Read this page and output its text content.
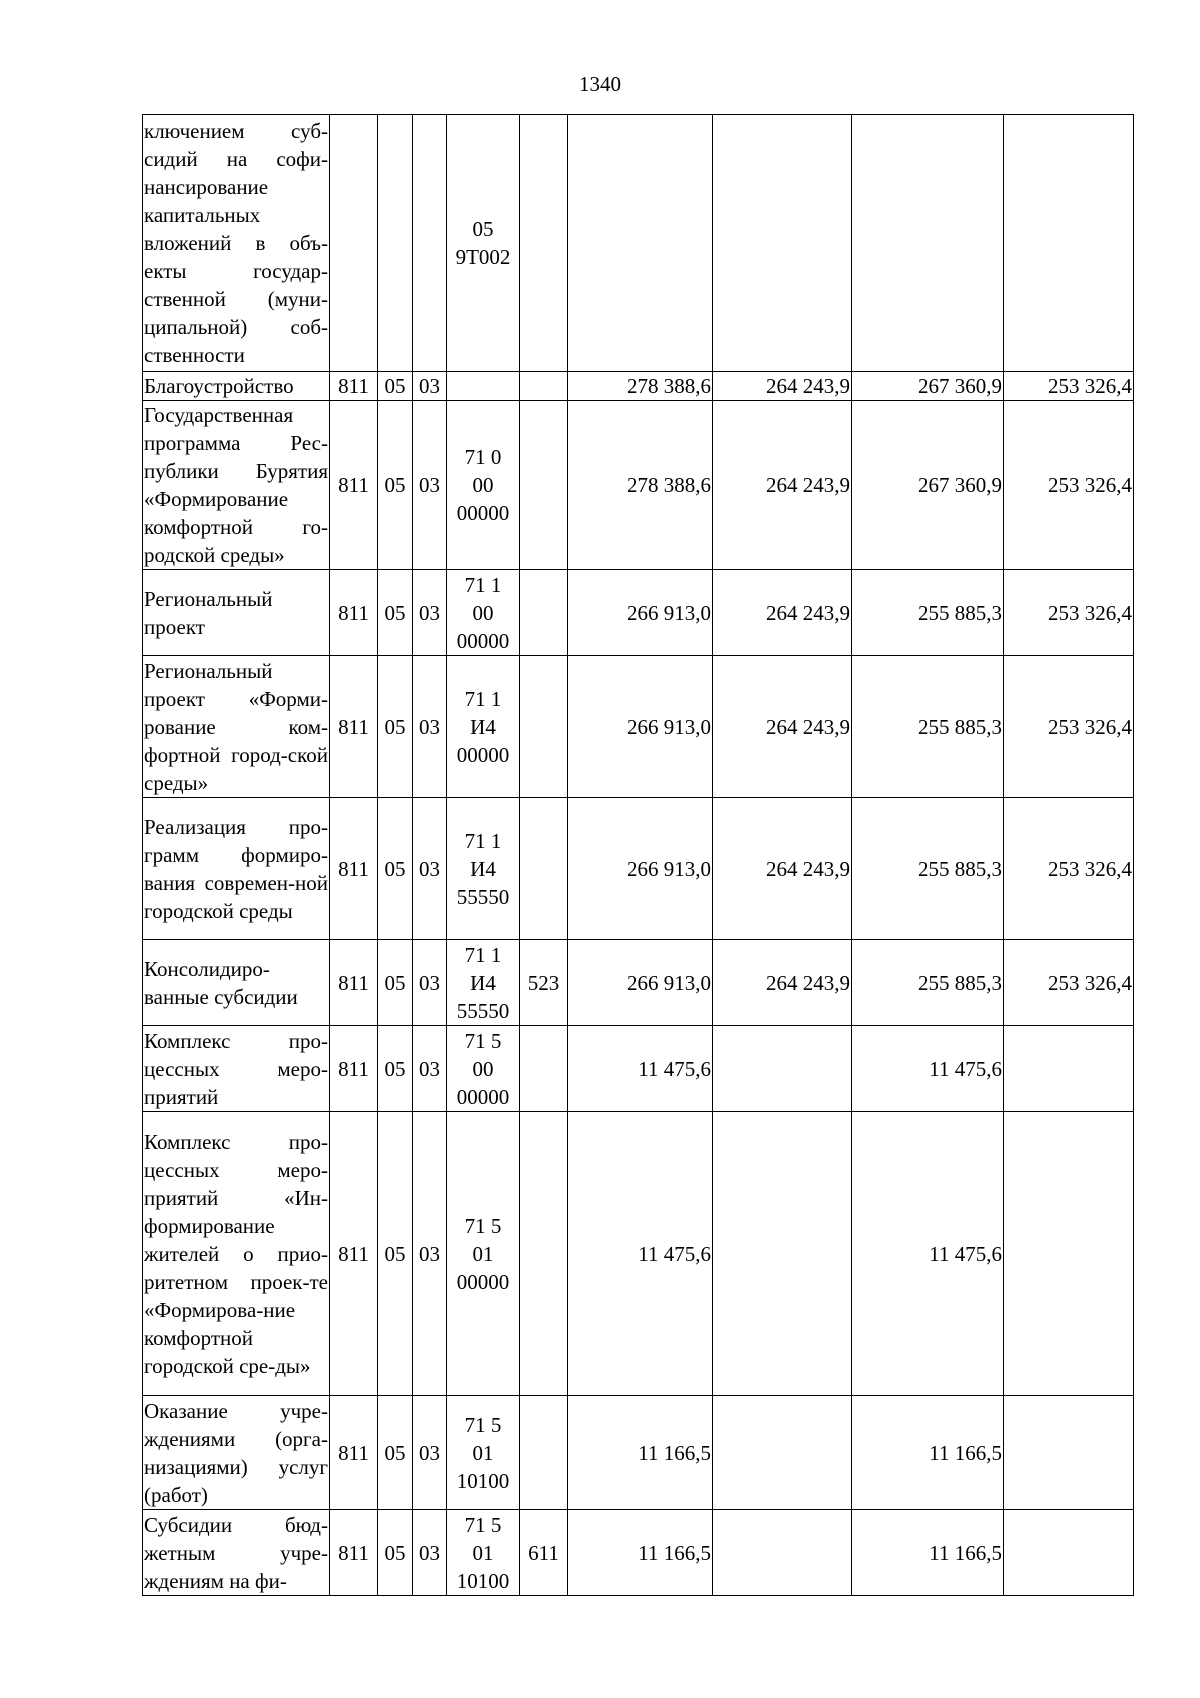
1340
ключением суб-сидий на софи-нансирование капитальных вложений в объ-екты государ-ственной (муни-ципальной) соб-ственности				05
9Т002					

Благоустройство	811	05	03			278 388,6	264 243,9	267 360,9	253 326,4
Государственная программа Рес-публики Бурятия «Формирование комфортной го-родской среды»	811	05	03	71 0
00
00000		278 388,6	264 243,9	267 360,9	253 326,4
Региональный проект	811	05	03	71 1
00
00000		266 913,0	264 243,9	255 885,3	253 326,4
Региональный проект «Форми-рование ком-фортной город-ской среды»	811	05	03	71 1
И4
00000		266 913,0	264 243,9	255 885,3	253 326,4
Реализация про-грамм формиро-вания современ-ной городской среды	811	05	03	71 1
И4
55550		266 913,0	264 243,9	255 885,3	253 326,4
Консолидиро-ванные субсидии	811	05	03	71 1
И4
55550	523	266 913,0	264 243,9	255 885,3	253 326,4
Комплекс про-цессных меро-приятий	811	05	03	71 5
00
00000		11 475,6		11 475,6	
Комплекс про-цессных меро-приятий «Ин-формирование жителей о прио-ритетном проек-те «Формирова-ние комфортной городской сре-ды»	811	05	03	71 5
01
00000		11 475,6		11 475,6	
Оказание учре-ждениями (орга-низациями) услуг (работ)	811	05	03	71 5
01
10100		11 166,5		11 166,5	
Субсидии бюд-жетным учре-ждениям на фи-	811	05	03	71 5
01
10100	611	11 166,5		11 166,5	
